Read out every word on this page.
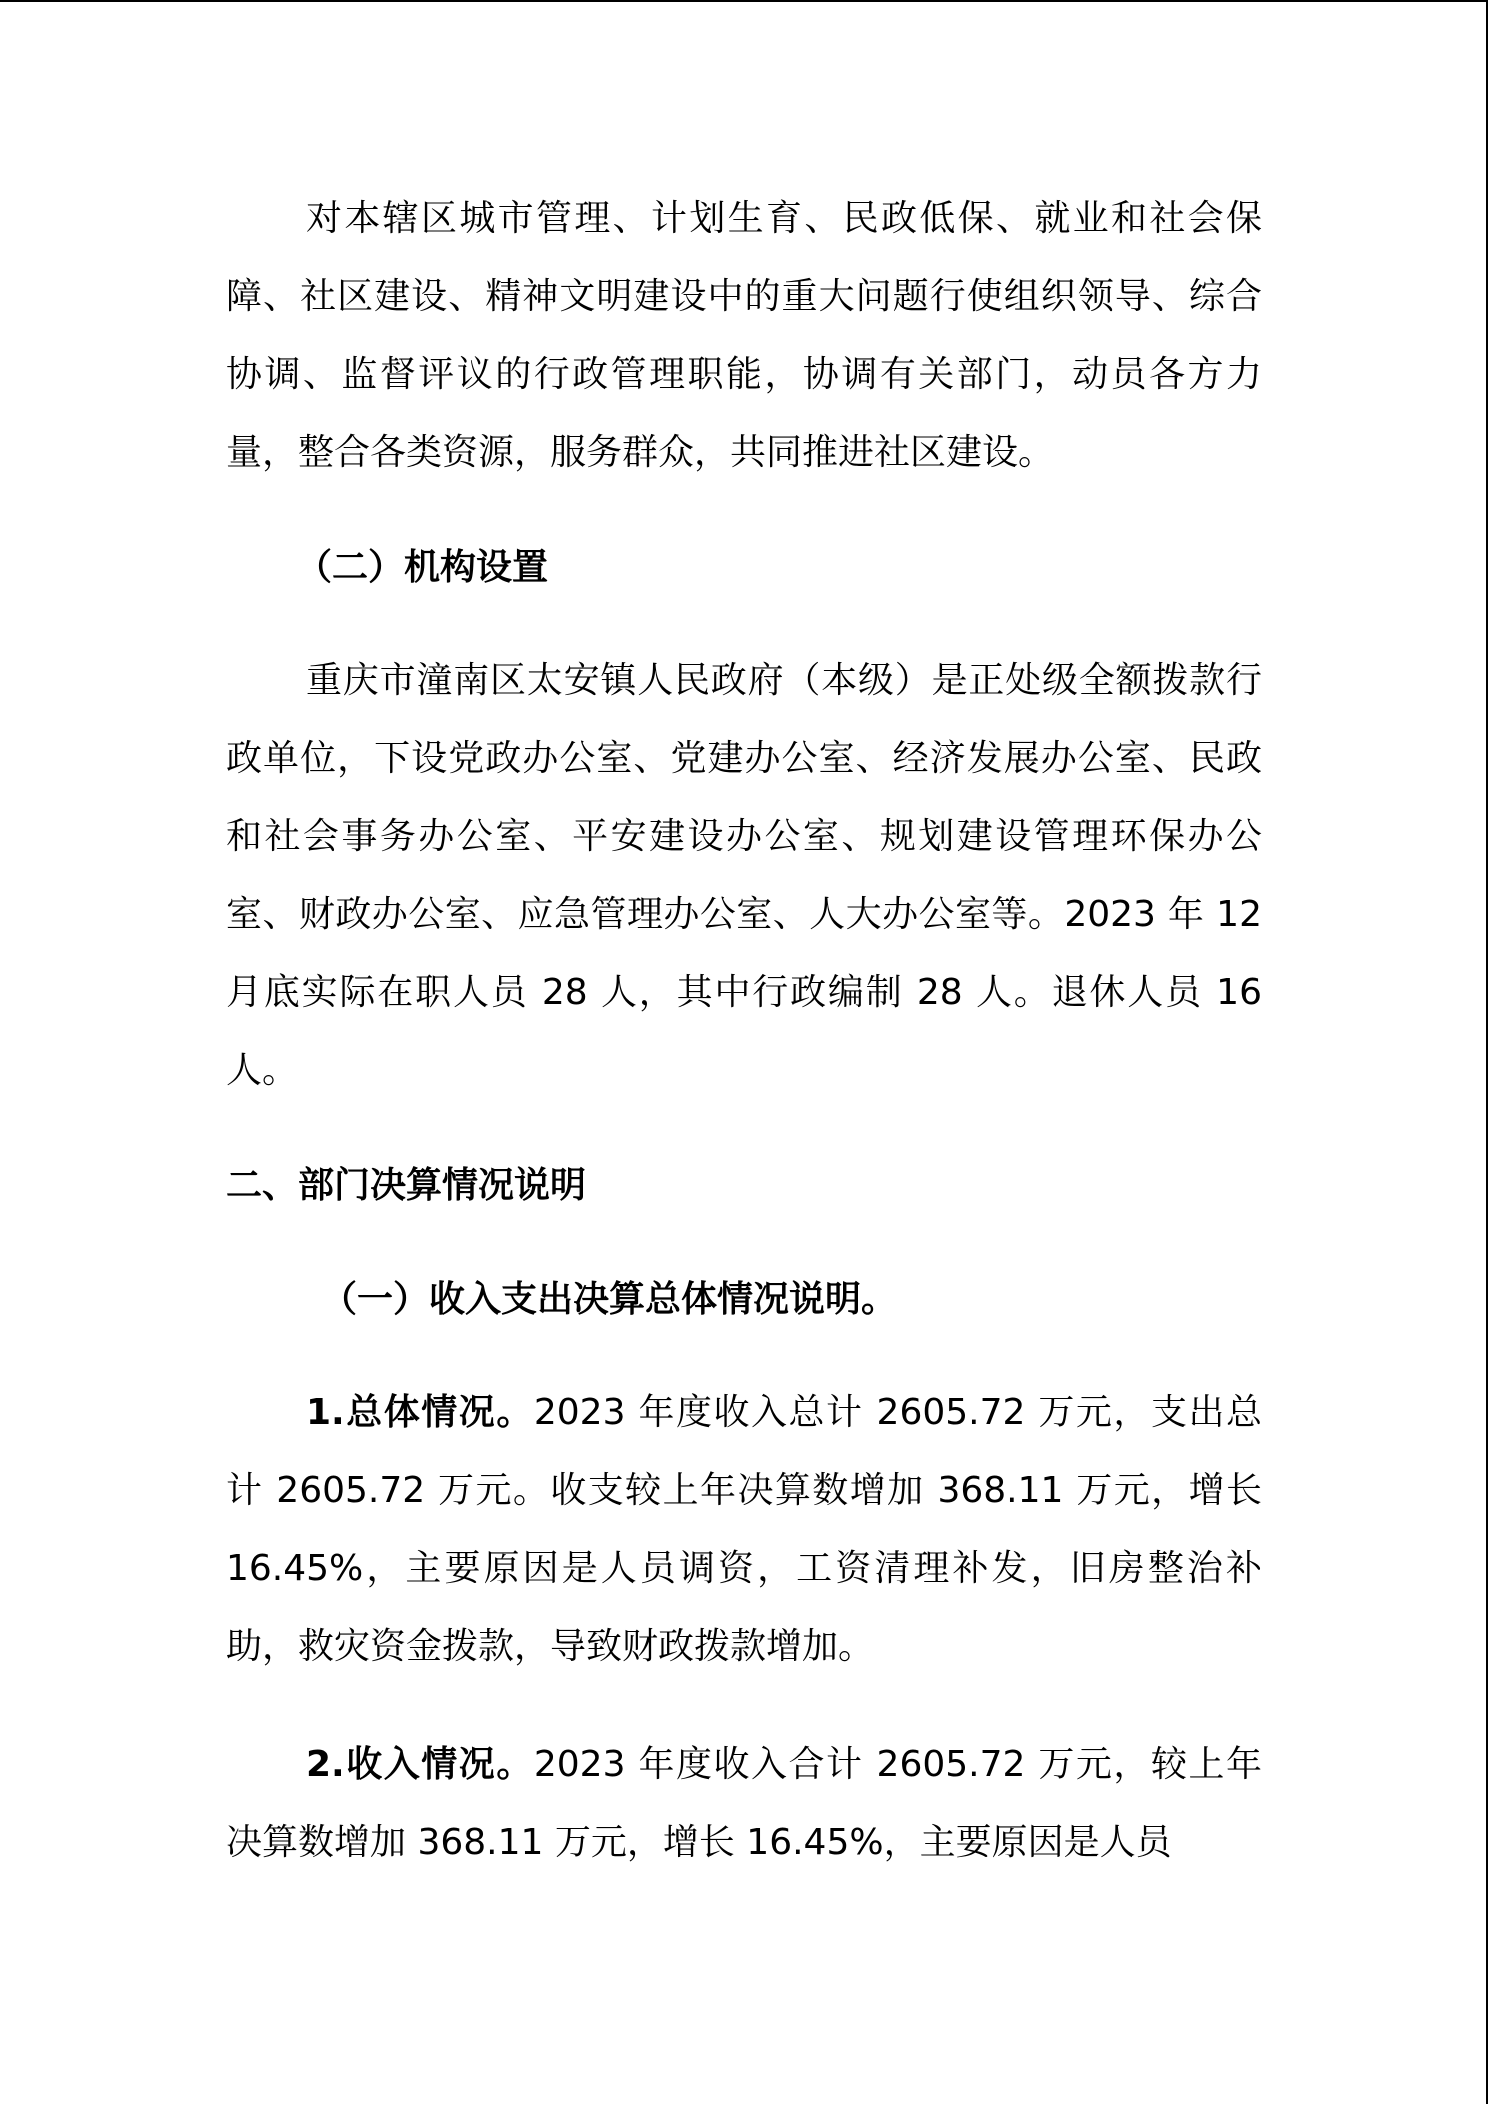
对本辖区城市管理、计划生育、民政低保、就业和社会保障、社区建设、精神文明建设中的重大问题行使组织领导、综合协调、监督评议的行政管理职能，协调有关部门，动员各方力量，整合各类资源，服务群众，共同推进社区建设。

（二）机构设置

重庆市潼南区太安镇人民政府（本级）是正处级全额拨款行政单位，下设党政办公室、党建办公室、经济发展办公室、民政和社会事务办公室、平安建设办公室、规划建设管理环保办公室、财政办公室、应急管理办公室、人大办公室等。2023 年 12 月底实际在职人员 28 人，其中行政编制 28 人。退休人员 16 人。

二、部门决算情况说明

（一）收入支出决算总体情况说明。

1.总体情况。2023 年度收入总计 2605.72 万元，支出总计 2605.72 万元。收支较上年决算数增加 368.11 万元，增长 16.45%，主要原因是人员调资，工资清理补发，旧房整治补助，救灾资金拨款，导致财政拨款增加。

2.收入情况。2023 年度收入合计 2605.72 万元，较上年决算数增加 368.11 万元，增长 16.45%，主要原因是人员
